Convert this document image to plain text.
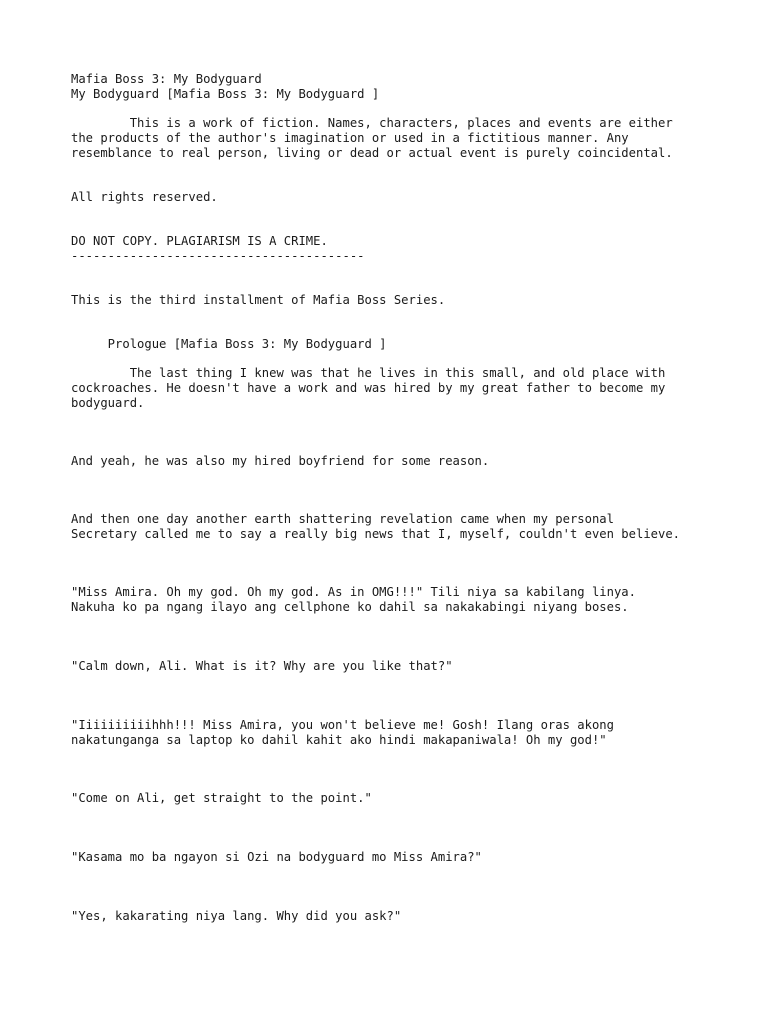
Mafia Boss 3: My Bodyguard

My Bodyguard [Mafia Boss 3: My Bodyguard ]

This is a work of fiction. Names, characters, places and events are either

the products of the author's imagination or used in a fictitious manner. Any

resemblance to real person, living or dead or actual event is purely coincidental.

All rights reserved.

DO NOT COPY. PLAGIARISM IS A CRIME.

----------------------------------------

This is the third installment of Mafia Boss Series.

Prologue [Mafia Boss 3: My Bodyguard ]

The last thing I knew was that he lives in this small, and old place with

cockroaches. He doesn't have a work and was hired by my great father to become my

bodyguard.

And yeah, he was also my hired boyfriend for some reason.

And then one day another earth shattering revelation came when my personal

Secretary called me to say a really big news that I, myself, couldn't even believe.

"Miss Amira. Oh my god. Oh my god. As in OMG!!!" Tili niya sa kabilang linya.

Nakuha ko pa ngang ilayo ang cellphone ko dahil sa nakakabingi niyang boses.

"Calm down, Ali. What is it? Why are you like that?"

"Iiiiiiiiiihhh!!! Miss Amira, you won't believe me! Gosh! Ilang oras akong

nakatunganga sa laptop ko dahil kahit ako hindi makapaniwala! Oh my god!"

"Come on Ali, get straight to the point."

"Kasama mo ba ngayon si Ozi na bodyguard mo Miss Amira?"

"Yes, kakarating niya lang. Why did you ask?"
